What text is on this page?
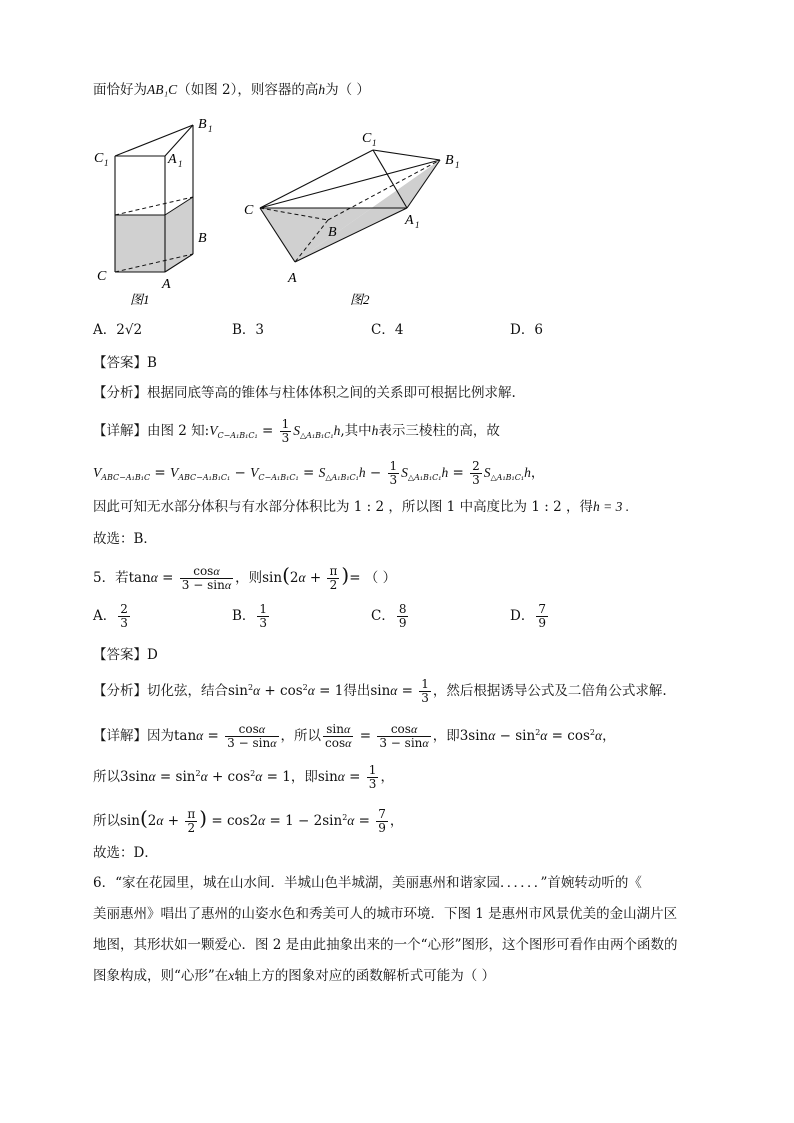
面恰好为AB₁C（如图 2），则容器的高h为（ ）
B 1
C 1	A 1
B
C
A
图1
C 1
B 1
C
B
A 1
A
图2
A．2√2	B．3	C．4	D．6
【答案】B
【分析】根据同底等高的锥体与柱体体积之间的关系即可根据比例求解.
【详解】由图 2 知$:V_{C-A_1B_1C_1} = \frac{1}{3} S_{\triangle A_1B_1C_1}h$,其中h表示三棱柱的高，故
$V_{ABC-A_1B_1C} = V_{ABC-A_1B_1C_1} - V_{C-A_1B_1C_1} = S_{\triangle A_1B_1C_1}h - \frac{1}{3} S_{\triangle A_1B_1C_1}h = \frac{2}{3} S_{\triangle A_1B_1C_1}h$，
因此可知无水部分体积与有水部分体积比为 1 : 2 ，所以图 1 中高度比为 1 : 2 ，得h = 3 .
故选：B．
5．若$\tan\alpha = \frac{\cos\alpha}{3 - \sin\alpha}$ ，则$\sin(2\alpha + \frac{\pi}{2}$ )= （ ）
A． $\frac{2}{3}$	B． $\frac{1}{3}$	C． $\frac{8}{9}$	D． $\frac{7}{9}$
【答案】D
【分析】切化弦，结合$\sin^2\alpha + \cos^2\alpha = 1$得出$\sin\alpha = \frac{1}{3}$ ，然后根据诱导公式及二倍角公式求解.
【详解】因为$\tan\alpha = \frac{\cos\alpha}{3 - \sin\alpha}$ ，所以 $\frac{\sin\alpha}{\cos\alpha} = \frac{\cos\alpha}{3 - \sin\alpha}$ ，即$3\sin\alpha - \sin^2\alpha = \cos^2\alpha$，
所以$3\sin\alpha = \sin^2\alpha + \cos^2\alpha = 1$，即$\sin\alpha = \frac{1}{3}$ ，
所以$\sin(2\alpha + \frac{\pi}{2}$ ) = $\cos 2\alpha = 1 - 2\sin^2\alpha = \frac{7}{9}$ ，
故选：D．
6．“家在花园里，城在山水间．半城山色半城湖，美丽惠州和谐家园．．．．．．”首婉转动听的《
美丽惠州》唱出了惠州的山姿水色和秀美可人的城市环境．下图 1 是惠州市风景优美的金山湖片区
地图，其形状如一颗爱心．图 2 是由此抽象出来的一个“心形”图形，这个图形可看作由两个函数的
图象构成，则“心形”在x轴上方的图象对应的函数解析式可能为（ ）
